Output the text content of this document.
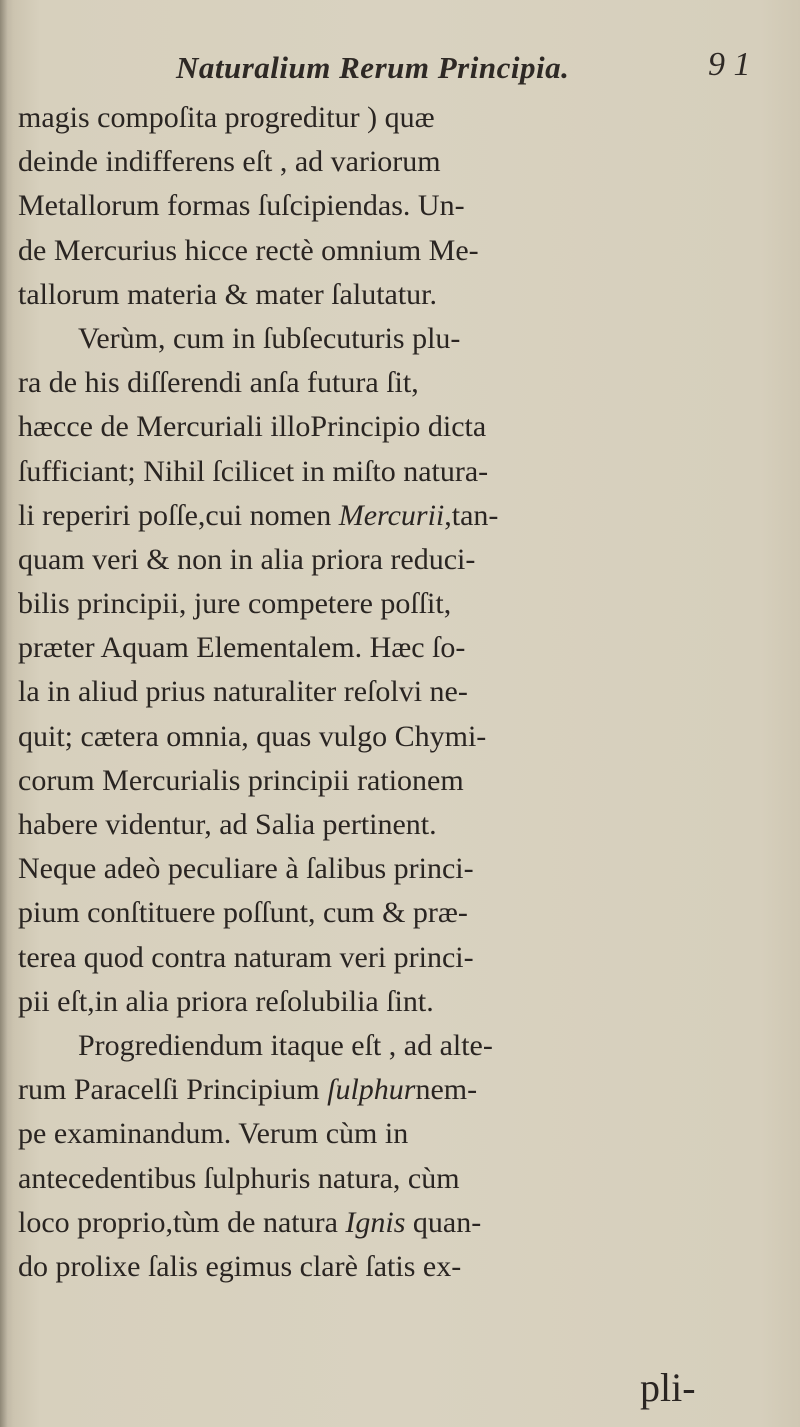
Naturalium Rerum Principia.	9 1
magis compoſita progreditur ) quæ
deinde indifferens eſt , ad variorum
Metallorum formas ſuſcipiendas. Un-
de Mercurius hicce rectè omnium Me-
tallorum materia & mater ſalutatur.
Verùm, cum in ſubſecuturis plu-
ra de his diſſerendi anſa futura ſit,
hæcce de Mercuriali illoPrincipio dicta
ſufficiant; Nihil ſcilicet in miſto natura-
li reperiri poſſe,cui nomen Mercurii,tan-
quam veri & non in alia priora reduci-
bilis principii, jure competere poſſit,
præter Aquam Elementalem. Hæc ſo-
la in aliud prius naturaliter reſolvi ne-
quit; cætera omnia, quas vulgo Chymi-
corum Mercurialis principii rationem
habere videntur, ad Salia pertinent.
Neque adeò peculiare à ſalibus princi-
pium conſtituere poſſunt, cum & præ-
terea quod contra naturam veri princi-
pii eſt,in alia priora reſolubilia ſint.
Progrediendum itaque eſt , ad alte-
rum Paracelſi Principium ſulphurnem-
pe examinandum. Verum cùm in
antecedentibus ſulphuris natura, cùm
loco proprio,tùm de natura Ignis quan-
do prolixe ſalis egimus clarè ſatis ex-
pli-
